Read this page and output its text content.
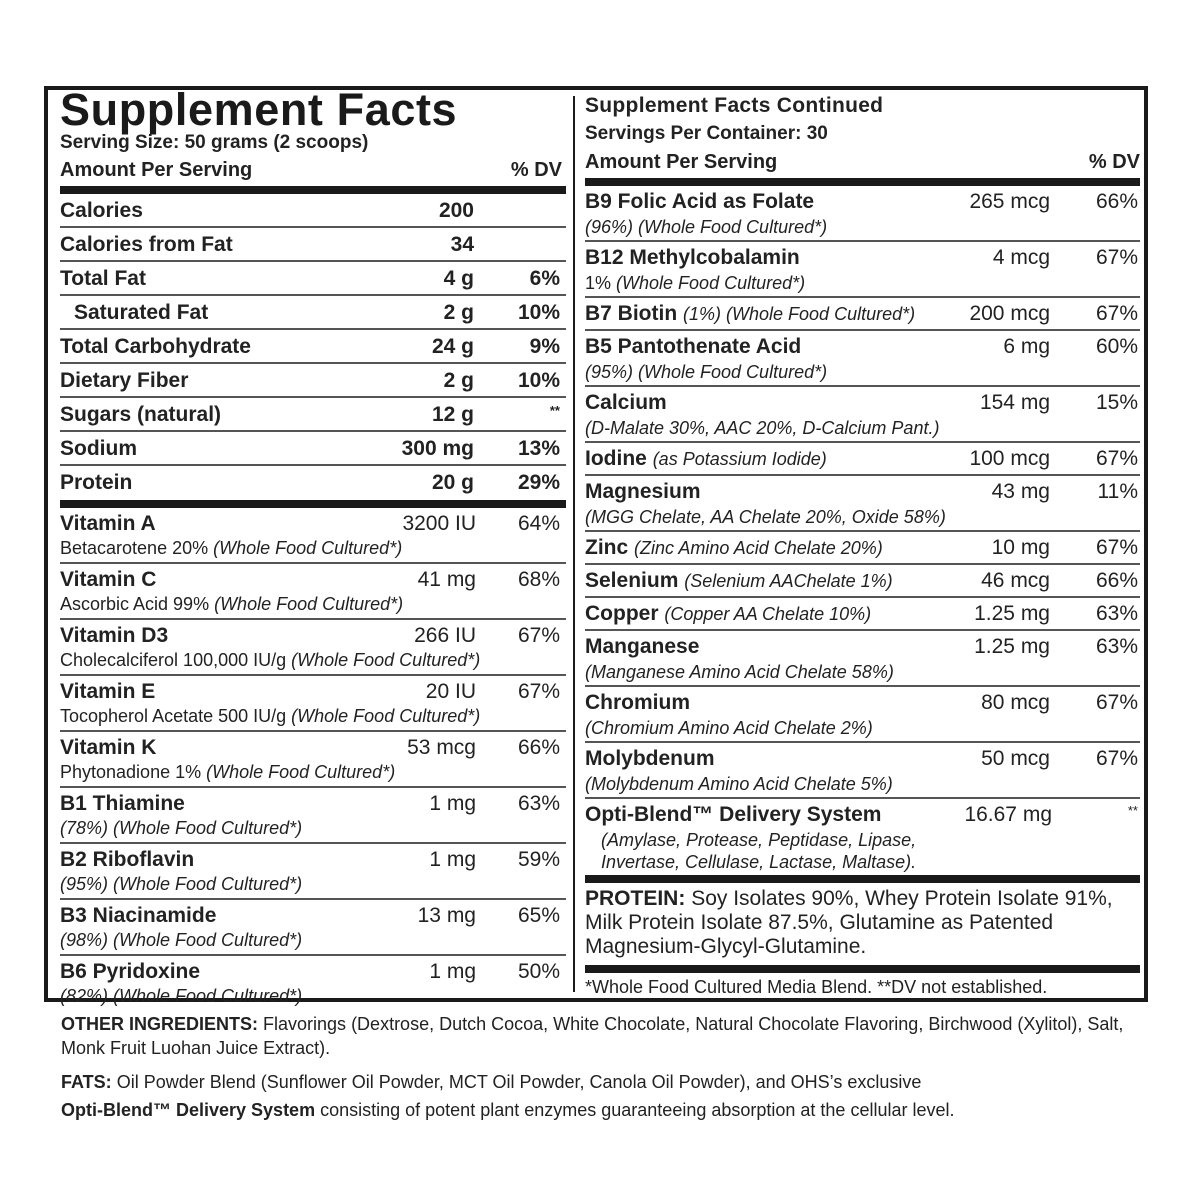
Supplement Facts
Serving Size: 50 grams (2 scoops)
Amount Per Serving	% DV
Calories	200
Calories from Fat	34
Total Fat	4 g	6%
Saturated Fat	2 g 10%
Total Carbohydrate	24 g	9%
Dietary Fiber	2 g 10%
Sugars (natural)	12 g	**
Sodium	300 mg 13%
Protein	20 g 29%
Vitamin A	3200 IU 64%
Betacarotene 20% (Whole Food Cultured*)
Vitamin C	41 mg 68%
Ascorbic Acid 99% (Whole Food Cultured*)
Vitamin D3	266 IU 67%
Cholecalciferol 100,000 IU/g (Whole Food Cultured*)
Vitamin E	20 IU 67%
Tocopherol Acetate 500 IU/g (Whole Food Cultured*)
Vitamin K	53 mcg 66%
Phytonadione 1% (Whole Food Cultured*)
B1 Thiamine	1 mg 63%
(78%) (Whole Food Cultured*)
B2 Riboflavin	1 mg 59%
(95%) (Whole Food Cultured*)
B3 Niacinamide	13 mg 65%
(98%) (Whole Food Cultured*)
B6 Pyridoxine	1 mg 50%
(82%) (Whole Food Cultured*)
Supplement Facts Continued
Servings Per Container: 30
Amount Per Serving	% DV
B9 Folic Acid as Folate	265 mcg 66%
(96%) (Whole Food Cultured*)
B12 Methylcobalamin	4 mcg 67%
1% (Whole Food Cultured*)
B7 Biotin (1%) (Whole Food Cultured*)	200 mcg 67%
B5 Pantothenate Acid	6 mg 60%
(95%) (Whole Food Cultured*)
Calcium	154 mg 15%
(D-Malate 30%, AAC 20%, D-Calcium Pant.)
Iodine (as Potassium Iodide)	100 mcg 67%
Magnesium	43 mg 11%
(MGG Chelate, AA Chelate 20%, Oxide 58%)
Zinc (Zinc Amino Acid Chelate 20%)	10 mg 67%
Selenium (Selenium AAChelate 1%)	46 mcg 66%
Copper (Copper AA Chelate 10%)	1.25 mg 63%
Manganese	1.25 mg 63%
(Manganese Amino Acid Chelate 58%)
Chromium	80 mcg 67%
(Chromium Amino Acid Chelate 2%)
Molybdenum	50 mcg 67%
(Molybdenum Amino Acid Chelate 5%)
Opti-Blend™ Delivery System	16.67 mg	**
(Amylase, Protease, Peptidase, Lipase,
Invertase, Cellulase, Lactase, Maltase).
PROTEIN: Soy Isolates 90%, Whey Protein Isolate 91%, Milk Protein Isolate 87.5%, Glutamine as Patented Magnesium-Glycyl-Glutamine.
*Whole Food Cultured Media Blend. **DV not established.

OTHER INGREDIENTS: Flavorings (Dextrose, Dutch Cocoa, White Chocolate, Natural Chocolate Flavoring, Birchwood (Xylitol), Salt, Monk Fruit Luohan Juice Extract).

FATS: Oil Powder Blend (Sunflower Oil Powder, MCT Oil Powder, Canola Oil Powder), and OHS’s exclusive
Opti-Blend™ Delivery System consisting of potent plant enzymes guaranteeing absorption at the cellular level.
